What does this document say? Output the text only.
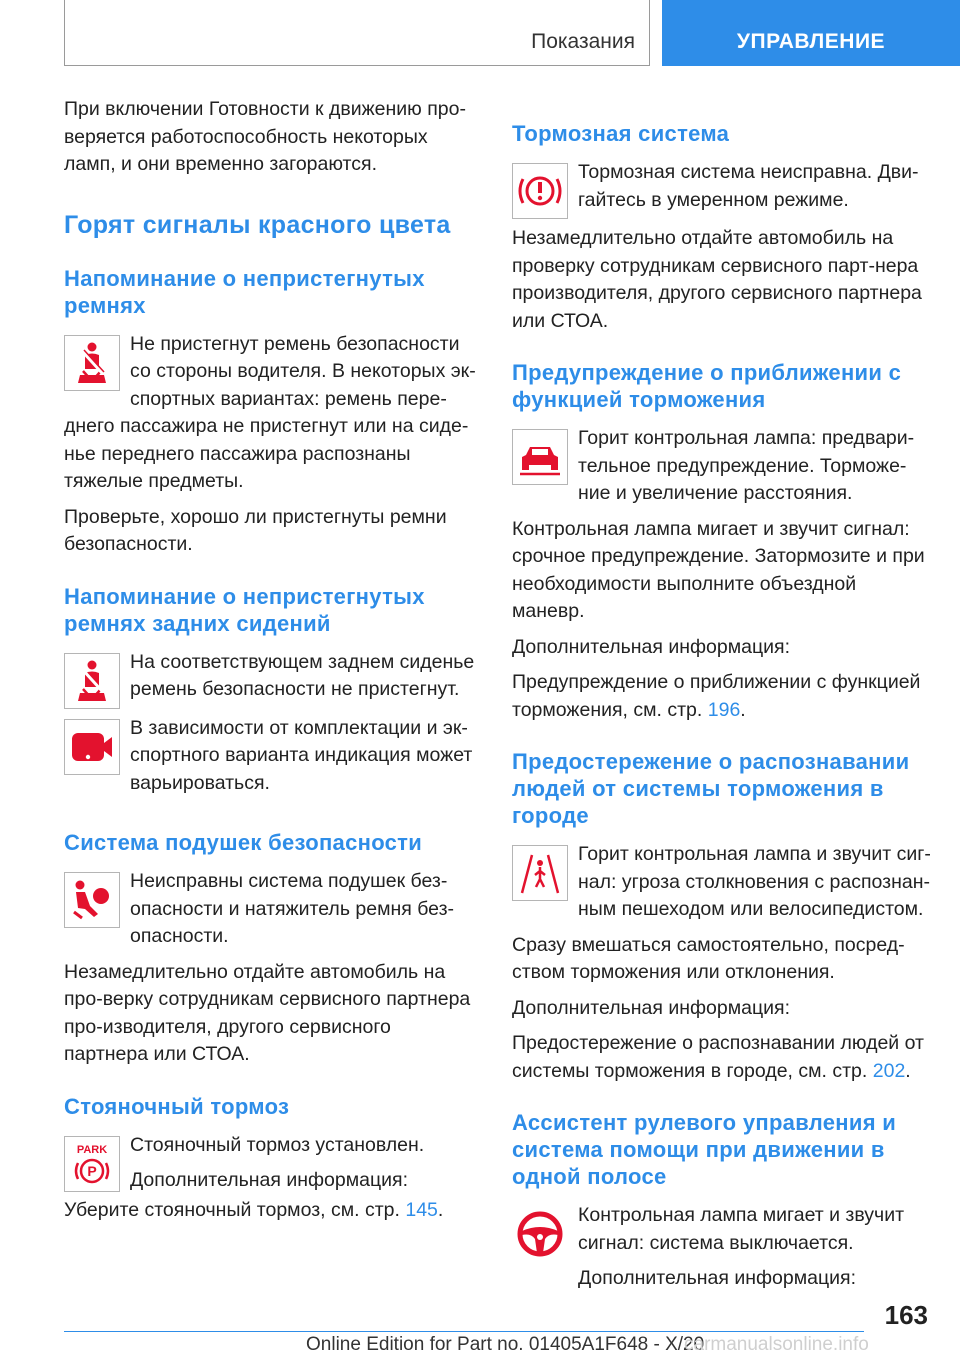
Показания	УПРАВЛЕНИЕ

При включении Готовности к движению про-веряется работоспособность некоторых ламп, и они временно загораются.

Горят сигналы красного цвета
Напоминание о непристегнутых ремнях

Не пристегнут ремень безопасности со стороны водителя. В некоторых эк-спортных вариантах: ремень пере-днего пассажира не пристегнут или на сиде-нье переднего пассажира распознаны тяжелые предметы.

Проверьте, хорошо ли пристегнуты ремни безопасности.

Напоминание о непристегнутых ремнях задних сидений

На соответствующем заднем сиденье ремень безопасности не пристегнут.

В зависимости от комплектации и эк-спортного варианта индикация может варьироваться.

Система подушек безопасности

Неисправны система подушек без-опасности и натяжитель ремня без-опасности.

Незамедлительно отдайте автомобиль на про-верку сотрудникам сервисного партнера про-изводителя, другого сервисного партнера или СТОА.

Стояночный тормоз
PARK
P

Стояночный тормоз установлен.

Дополнительная информация:

Уберите стояночный тормоз, см. стр. 145.

Тормозная система

Тормозная система неисправна. Дви-гайтесь в умеренном режиме.

Незамедлительно отдайте автомобиль на проверку сотрудникам сервисного парт-нера производителя, другого сервисного партнера или СТОА.

Предупреждение о приближении с функцией торможения

Горит контрольная лампа: предвари-тельное предупреждение. Торможе-ние и увеличение расстояния.

Контрольная лампа мигает и звучит сигнал: срочное предупреждение. Затормозите и при необходимости выполните объездной маневр.

Дополнительная информация:

Предупреждение о приближении с функцией торможения, см. стр. 196.

Предостережение о распознавании людей от системы торможения в городе

Горит контрольная лампа и звучит сиг-нал: угроза столкновения с распознан-ным пешеходом или велосипедистом.

Сразу вмешаться самостоятельно, посред-ством торможения или отклонения.

Дополнительная информация:

Предостережение о распознавании людей от системы торможения в городе, см. стр. 202.

Ассистент рулевого управления и система помощи при движении в одной полосе

Контрольная лампа мигает и звучит сигнал: система выключается.

Дополнительная информация:

163
Online Edition for Part no. 01405A1F648 - X/20
carmanualsonline.info
